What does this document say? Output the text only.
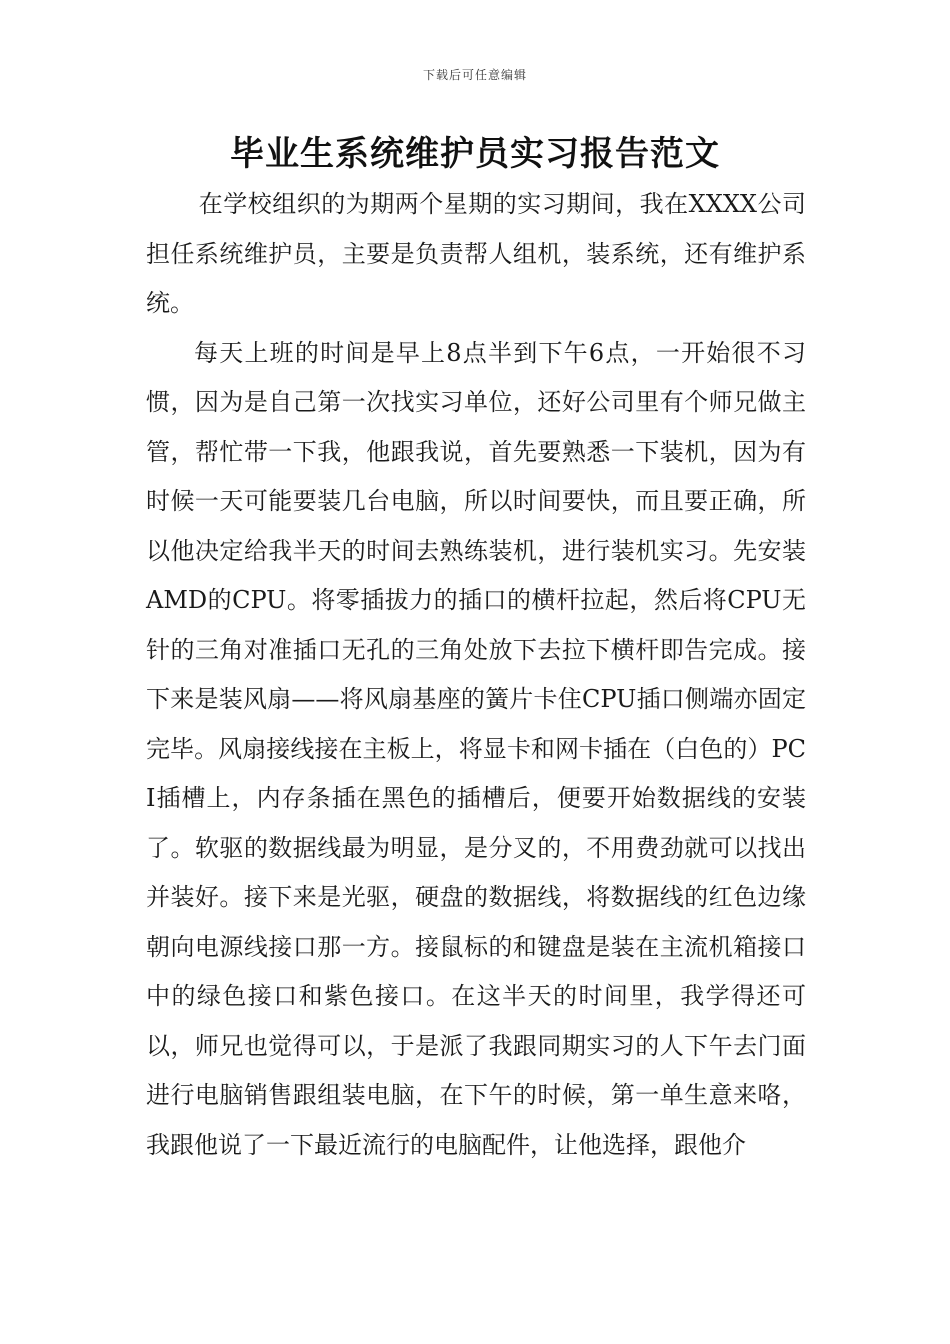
下载后可任意编辑
毕业生系统维护员实习报告范文

在学校组织的为期两个星期的实习期间，我在XXXX公司担任系统维护员，主要是负责帮人组机，装系统，还有维护系统。

每天上班的时间是早上8点半到下午6点，一开始很不习惯，因为是自己第一次找实习单位，还好公司里有个师兄做主管，帮忙带一下我，他跟我说，首先要熟悉一下装机，因为有时候一天可能要装几台电脑，所以时间要快，而且要正确，所以他决定给我半天的时间去熟练装机，进行装机实习。先安装AMD的CPU。将零插拔力的插口的横杆拉起，然后将CPU无针的三角对准插口无孔的三角处放下去拉下横杆即告完成。接下来是装风扇——将风扇基座的簧片卡住CPU插口侧端亦固定完毕。风扇接线接在主板上，将显卡和网卡插在（白色的）PCI插槽上，内存条插在黑色的插槽后，便要开始数据线的安装了。软驱的数据线最为明显，是分叉的，不用费劲就可以找出并装好。接下来是光驱，硬盘的数据线，将数据线的红色边缘朝向电源线接口那一方。接鼠标的和键盘是装在主流机箱接口中的绿色接口和紫色接口。在这半天的时间里，我学得还可以，师兄也觉得可以，于是派了我跟同期实习的人下午去门面进行电脑销售跟组装电脑，在下午的时候，第一单生意来咯，我跟他说了一下最近流行的电脑配件，让他选择，跟他介
